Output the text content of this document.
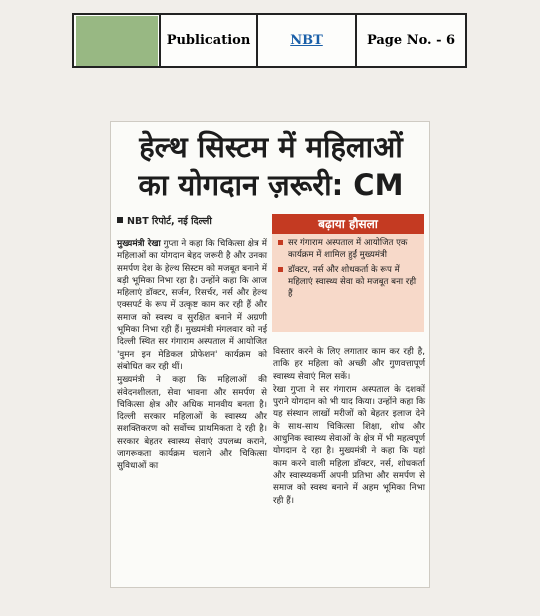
Publication	NBT	Page No. - 6
हेल्थ सिस्टम में महिलाओं
का योगदान ज़रूरी: CM
NBT रिपोर्ट, नई दिल्ली	बढ़ाया हौसला
सर गंगाराम अस्पताल में आयोजित एक कार्यक्रम में शामिल हुईं मुख्यमंत्री
डॉक्टर, नर्स और शोधकर्ता के रूप में महिलाएं स्वास्थ्य सेवा को मजबूत बना रही हैं

मुख्यमंत्री रेखा गुप्ता ने कहा कि चिकित्सा क्षेत्र में महिलाओं का योगदान बेहद जरूरी है और उनका समर्पण देश के हेल्थ सिस्टम को मजबूत बनाने में बड़ी भूमिका निभा रहा है। उन्होंने कहा कि आज महिलाएं डॉक्टर, सर्जन, रिसर्चर, नर्स और हेल्थ एक्सपर्ट के रूप में उत्कृष्ट काम कर रही हैं और समाज को स्वस्थ व सुरक्षित बनाने में अग्रणी भूमिका निभा रही हैं। मुख्यमंत्री मंगलवार को नई दिल्ली स्थित सर गंगाराम अस्पताल में आयोजित 'वुमन इन मेडिकल प्रोफेशन' कार्यक्रम को संबोधित कर रही थीं।

मुख्यमंत्री ने कहा कि महिलाओं की संवेदनशीलता, सेवा भावना और समर्पण से चिकित्सा क्षेत्र और अधिक मानवीय बनता है। दिल्ली सरकार महिलाओं के स्वास्थ्य और सशक्तिकरण को सर्वोच्च प्राथमिकता दे रही है। सरकार बेहतर स्वास्थ्य सेवाएं उपलब्ध कराने, जागरूकता कार्यक्रम चलाने और चिकित्सा सुविधाओं का

विस्तार करने के लिए लगातार काम कर रही है, ताकि हर महिला को अच्छी और गुणवत्तापूर्ण स्वास्थ्य सेवाएं मिल सकें।

रेखा गुप्ता ने सर गंगाराम अस्पताल के दशकों पुराने योगदान को भी याद किया। उन्होंने कहा कि यह संस्थान लाखों मरीजों को बेहतर इलाज देने के साथ-साथ चिकित्सा शिक्षा, शोध और आधुनिक स्वास्थ्य सेवाओं के क्षेत्र में भी महत्वपूर्ण योगदान दे रहा है। मुख्यमंत्री ने कहा कि यहां काम करने वाली महिला डॉक्टर, नर्स, शोधकर्ता और स्वास्थ्यकर्मी अपनी प्रतिभा और समर्पण से समाज को स्वस्थ बनाने में अहम भूमिका निभा रही हैं।
